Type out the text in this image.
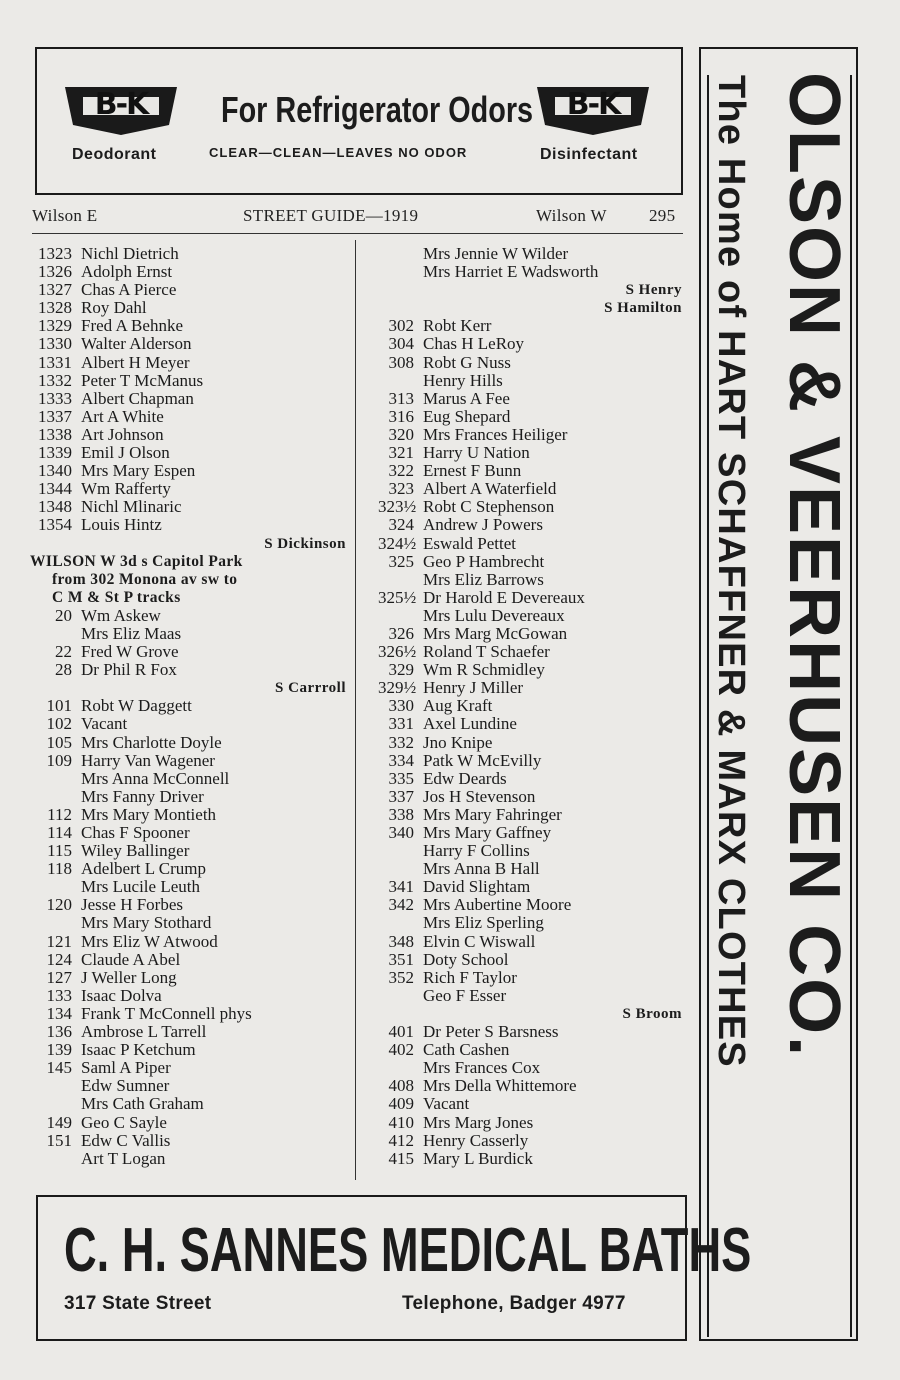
B-K	B-K
For Refrigerator Odors
Deodorant	CLEAR—CLEAN—LEAVES NO ODOR	Disinfectant
Wilson E	STREET GUIDE—1919	Wilson W 295
1323 Nichl Dietrich
1326 Adolph Ernst
1327 Chas A Pierce
1328 Roy Dahl
1329 Fred A Behnke
1330 Walter Alderson
1331 Albert H Meyer
1332 Peter T McManus
1333 Albert Chapman
1337 Art A White
1338 Art Johnson
1339 Emil J Olson
1340 Mrs Mary Espen
1344 Wm Rafferty
1348 Nichl Mlinaric
1354 Louis Hintz
S Dickinson
WILSON W 3d s Capitol Park
from 302 Monona av sw to
C M & St P tracks
20 Wm Askew
Mrs Eliz Maas
22 Fred W Grove
28 Dr Phil R Fox
S Carrroll
101 Robt W Daggett
102 Vacant
105 Mrs Charlotte Doyle
109 Harry Van Wagener
Mrs Anna McConnell
Mrs Fanny Driver
112 Mrs Mary Montieth
114 Chas F Spooner
115 Wiley Ballinger
118 Adelbert L Crump
Mrs Lucile Leuth
120 Jesse H Forbes
Mrs Mary Stothard
121 Mrs Eliz W Atwood
124 Claude A Abel
127 J Weller Long
133 Isaac Dolva
134 Frank T McConnell phys
136 Ambrose L Tarrell
139 Isaac P Ketchum
145 Saml A Piper
Edw Sumner
Mrs Cath Graham
149 Geo C Sayle
151 Edw C Vallis
Art T Logan
Mrs Jennie W Wilder
Mrs Harriet E Wadsworth
S Henry
S Hamilton
302 Robt Kerr
304 Chas H LeRoy
308 Robt G Nuss
Henry Hills
313 Marus A Fee
316 Eug Shepard
320 Mrs Frances Heiliger
321 Harry U Nation
322 Ernest F Bunn
323 Albert A Waterfield
323½ Robt C Stephenson
324 Andrew J Powers
324½ Eswald Pettet
325 Geo P Hambrecht
Mrs Eliz Barrows
325½ Dr Harold E Devereaux
Mrs Lulu Devereaux
326 Mrs Marg McGowan
326½ Roland T Schaefer
329 Wm R Schmidley
329½ Henry J Miller
330 Aug Kraft
331 Axel Lundine
332 Jno Knipe
334 Patk W McEvilly
335 Edw Deards
337 Jos H Stevenson
338 Mrs Mary Fahringer
340 Mrs Mary Gaffney
Harry F Collins
Mrs Anna B Hall
341 David Slightam
342 Mrs Aubertine Moore
Mrs Eliz Sperling
348 Elvin C Wiswall
351 Doty School
352 Rich F Taylor
Geo F Esser
S Broom
401 Dr Peter S Barsness
402 Cath Cashen
Mrs Frances Cox
408 Mrs Della Whittemore
409 Vacant
410 Mrs Marg Jones
412 Henry Casserly
415 Mary L Burdick
C. H. SANNES MEDICAL BATHS
317 State Street	Telephone, Badger 4977
OLSON & VEERHUSEN CO.
The Home of HART SCHAFFNER & MARX CLOTHES
